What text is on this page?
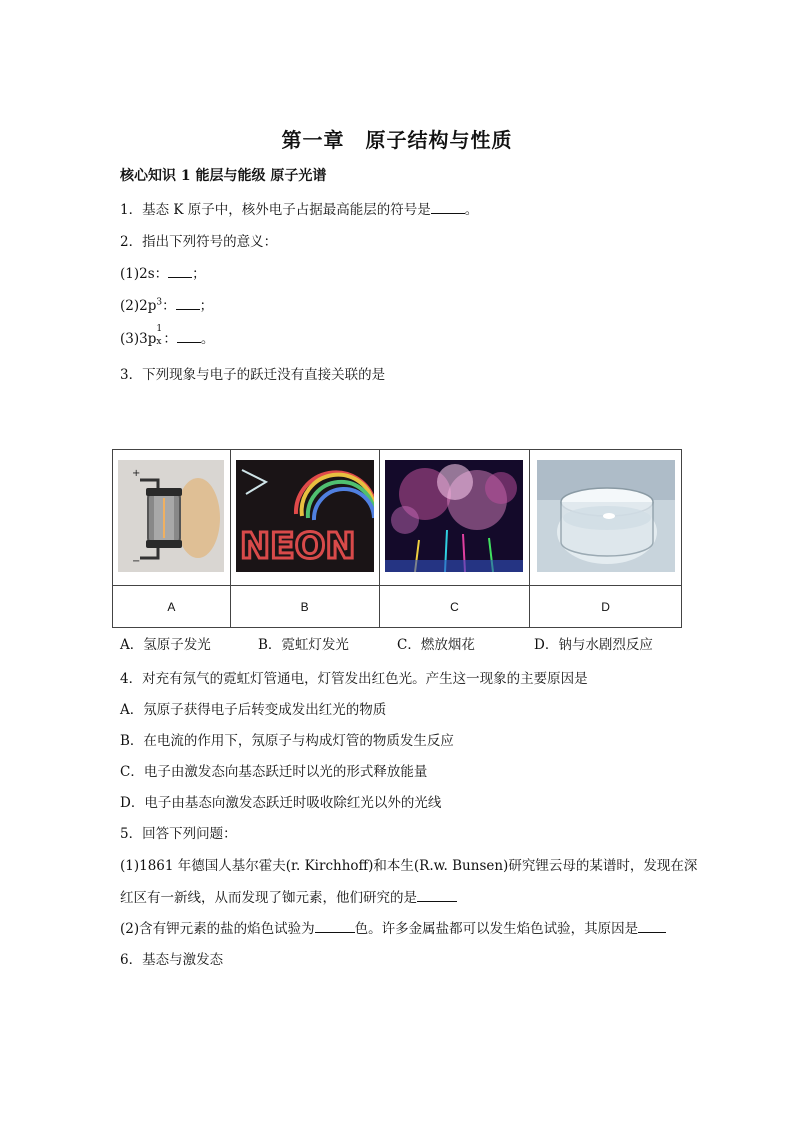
第一章　原子结构与性质
核心知识 1 能层与能级 原子光谱
1．基态 K 原子中，核外电子占据最高能层的符号是	。
2．指出下列符号的意义：
(1)2s： ；
$(2)2p^3$： ；
(3)3p
1
x ： 。
3．下列现象与电子的跃迁没有直接关联的是
+
−	NEON

A	B	C	D
A．氢原子发光	B．霓虹灯发光	C．燃放烟花	D．钠与水剧烈反应
4．对充有氖气的霓虹灯管通电，灯管发出红色光。产生这一现象的主要原因是
A．氖原子获得电子后转变成发出红光的物质
B．在电流的作用下，氖原子与构成灯管的物质发生反应
C．电子由激发态向基态跃迁时以光的形式释放能量
D．电子由基态向激发态跃迁时吸收除红光以外的光线
5．回答下列问题：
(1)1861 年德国人基尔霍夫(r. Kirchhoff)和本生(R.w. Bunsen)研究锂云母的某谱时，发现在深
红区有一新线，从而发现了铷元素，他们研究的是
(2)含有钾元素的盐的焰色试验为	色。许多金属盐都可以发生焰色试验，其原因是
6．基态与激发态
